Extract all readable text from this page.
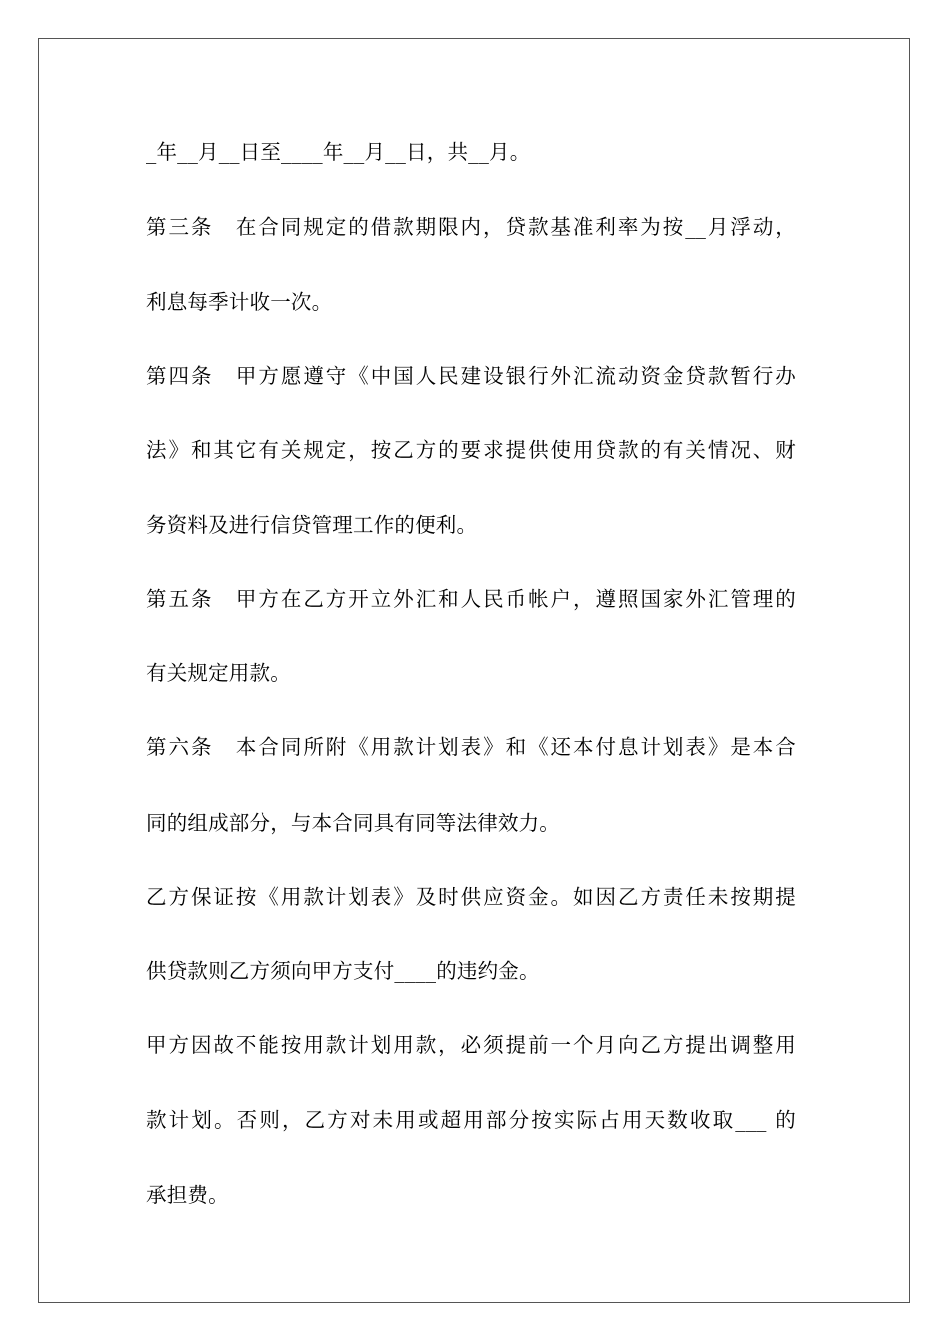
_年__月__日至____年__月__日，共__月。
第三条　在合同规定的借款期限内，贷款基准利率为按__月浮动，
利息每季计收一次。
第四条　甲方愿遵守《中国人民建设银行外汇流动资金贷款暂行办
法》和其它有关规定，按乙方的要求提供使用贷款的有关情况、财
务资料及进行信贷管理工作的便利。
第五条　甲方在乙方开立外汇和人民币帐户，遵照国家外汇管理的
有关规定用款。
第六条　本合同所附《用款计划表》和《还本付息计划表》是本合
同的组成部分，与本合同具有同等法律效力。
乙方保证按《用款计划表》及时供应资金。如因乙方责任未按期提
供贷款则乙方须向甲方支付____的违约金。
甲方因故不能按用款计划用款，必须提前一个月向乙方提出调整用
款计划。否则，乙方对未用或超用部分按实际占用天数收取___ 的
承担费。
